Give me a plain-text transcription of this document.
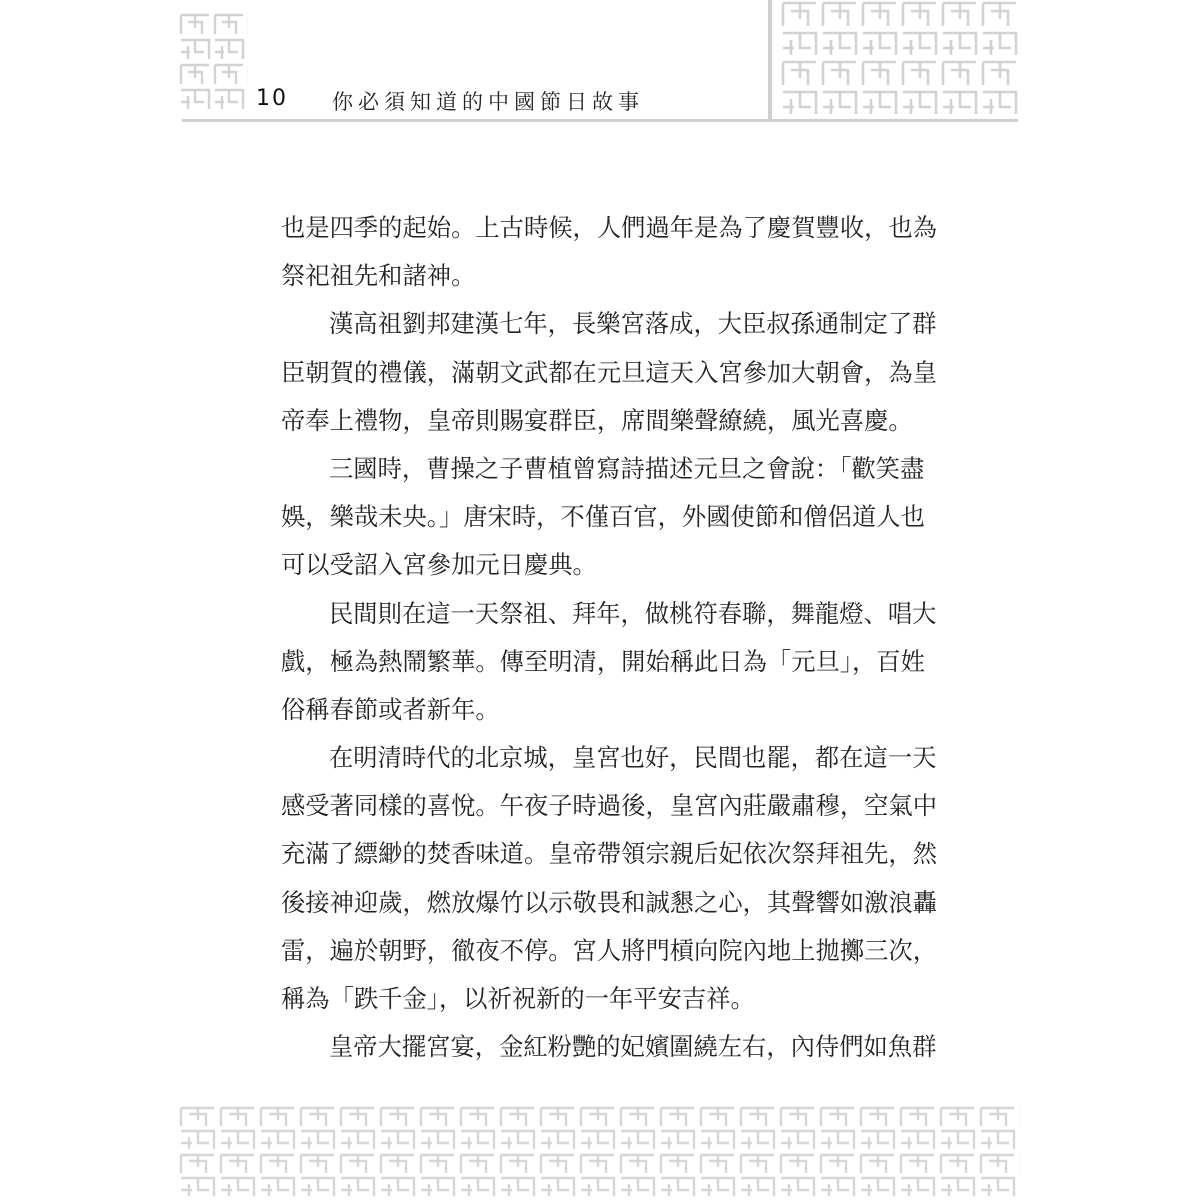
10 你必須知道的中國節日故事
也是四季的起始。上古時候，人們過年是為了慶賀豐收，也為
祭祀祖先和諸神。
漢高祖劉邦建漢七年，長樂宮落成，大臣叔孫通制定了群
臣朝賀的禮儀，滿朝文武都在元旦這天入宮參加大朝會，為皇
帝奉上禮物，皇帝則賜宴群臣，席間樂聲繚繞，風光喜慶。
三國時，曹操之子曹植曾寫詩描述元旦之會說：「歡笑盡
娛，樂哉未央。」唐宋時，不僅百官，外國使節和僧侶道人也
可以受詔入宮參加元日慶典。
民間則在這一天祭祖、拜年，做桃符春聯，舞龍燈、唱大
戲，極為熱鬧繁華。傳至明清，開始稱此日為「元旦」，百姓
俗稱春節或者新年。
在明清時代的北京城，皇宮也好，民間也罷，都在這一天
感受著同樣的喜悅。午夜子時過後，皇宮內莊嚴肅穆，空氣中
充滿了縹緲的焚香味道。皇帝帶領宗親后妃依次祭拜祖先，然
後接神迎歲，燃放爆竹以示敬畏和誠懇之心，其聲響如激浪轟
雷，遍於朝野，徹夜不停。宮人將門槓向院內地上拋擲三次，
稱為「跌千金」，以祈祝新的一年平安吉祥。
皇帝大擺宮宴，金紅粉艷的妃嬪圍繞左右，內侍們如魚群
